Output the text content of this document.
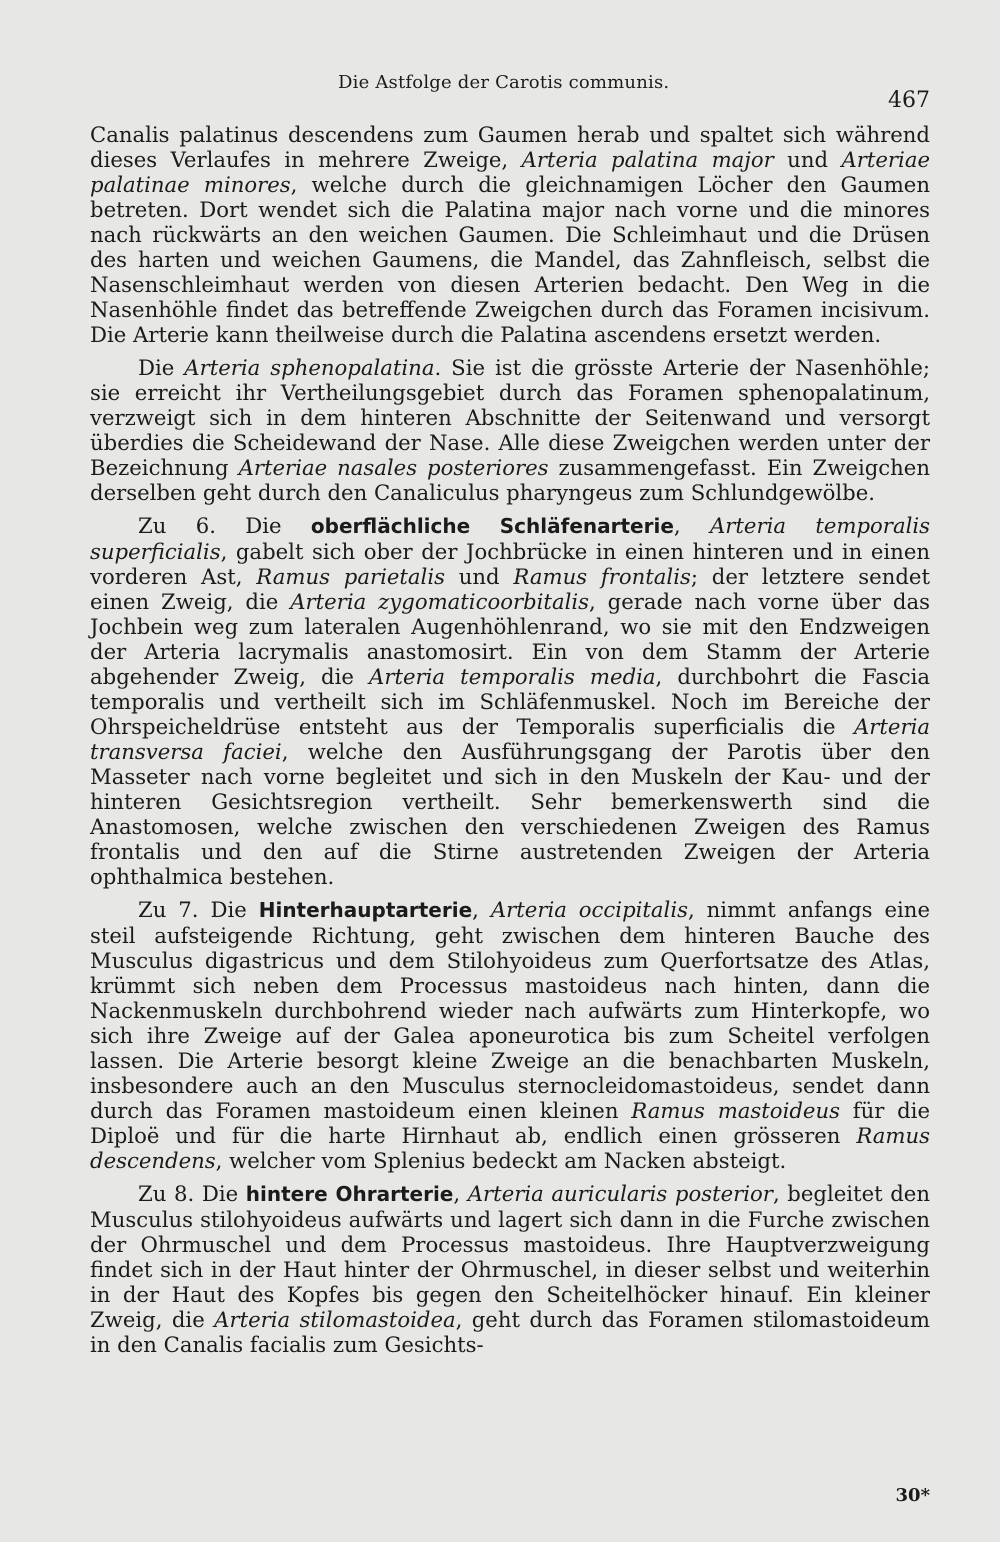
Die Astfolge der Carotis communis.
467

Canalis palatinus descendens zum Gaumen herab und spaltet sich während dieses Verlaufes in mehrere Zweige, Arteria palatina major und Arteriae palatinae minores, welche durch die gleichnamigen Löcher den Gaumen betreten. Dort wendet sich die Palatina major nach vorne und die minores nach rückwärts an den weichen Gaumen. Die Schleimhaut und die Drüsen des harten und weichen Gaumens, die Mandel, das Zahnfleisch, selbst die Nasenschleimhaut werden von diesen Arterien bedacht. Den Weg in die Nasenhöhle findet das betreffende Zweigchen durch das Foramen incisivum. Die Arterie kann theilweise durch die Palatina ascendens ersetzt werden.

Die Arteria sphenopalatina. Sie ist die grösste Arterie der Nasenhöhle; sie erreicht ihr Vertheilungsgebiet durch das Foramen sphenopalatinum, verzweigt sich in dem hinteren Abschnitte der Seitenwand und versorgt überdies die Scheidewand der Nase. Alle diese Zweigchen werden unter der Bezeichnung Arteriae nasales posteriores zusammengefasst. Ein Zweigchen derselben geht durch den Canaliculus pharyngeus zum Schlundgewölbe.

Zu 6. Die oberflächliche Schläfenarterie, Arteria temporalis superficialis, gabelt sich ober der Jochbrücke in einen hinteren und in einen vorderen Ast, Ramus parietalis und Ramus frontalis; der letztere sendet einen Zweig, die Arteria zygomaticoorbitalis, gerade nach vorne über das Jochbein weg zum lateralen Augenhöhlenrand, wo sie mit den Endzweigen der Arteria lacrymalis anastomosirt. Ein von dem Stamm der Arterie abgehender Zweig, die Arteria temporalis media, durchbohrt die Fascia temporalis und vertheilt sich im Schläfenmuskel. Noch im Bereiche der Ohrspeicheldrüse entsteht aus der Temporalis superficialis die Arteria transversa faciei, welche den Ausführungsgang der Parotis über den Masseter nach vorne begleitet und sich in den Muskeln der Kau- und der hinteren Gesichtsregion vertheilt. Sehr bemerkenswerth sind die Anastomosen, welche zwischen den verschiedenen Zweigen des Ramus frontalis und den auf die Stirne austretenden Zweigen der Arteria ophthalmica bestehen.

Zu 7. Die Hinterhauptarterie, Arteria occipitalis, nimmt anfangs eine steil aufsteigende Richtung, geht zwischen dem hinteren Bauche des Musculus digastricus und dem Stilohyoideus zum Querfortsatze des Atlas, krümmt sich neben dem Processus mastoideus nach hinten, dann die Nackenmuskeln durchbohrend wieder nach aufwärts zum Hinterkopfe, wo sich ihre Zweige auf der Galea aponeurotica bis zum Scheitel verfolgen lassen. Die Arterie besorgt kleine Zweige an die benachbarten Muskeln, insbesondere auch an den Musculus sternocleidomastoideus, sendet dann durch das Foramen mastoideum einen kleinen Ramus mastoideus für die Diploë und für die harte Hirnhaut ab, endlich einen grösseren Ramus descendens, welcher vom Splenius bedeckt am Nacken absteigt.

Zu 8. Die hintere Ohrarterie, Arteria auricularis posterior, begleitet den Musculus stilohyoideus aufwärts und lagert sich dann in die Furche zwischen der Ohrmuschel und dem Processus mastoideus. Ihre Hauptverzweigung findet sich in der Haut hinter der Ohrmuschel, in dieser selbst und weiterhin in der Haut des Kopfes bis gegen den Scheitelhöcker hinauf. Ein kleiner Zweig, die Arteria stilomastoidea, geht durch das Foramen stilomastoideum in den Canalis facialis zum Gesichts-

30*
